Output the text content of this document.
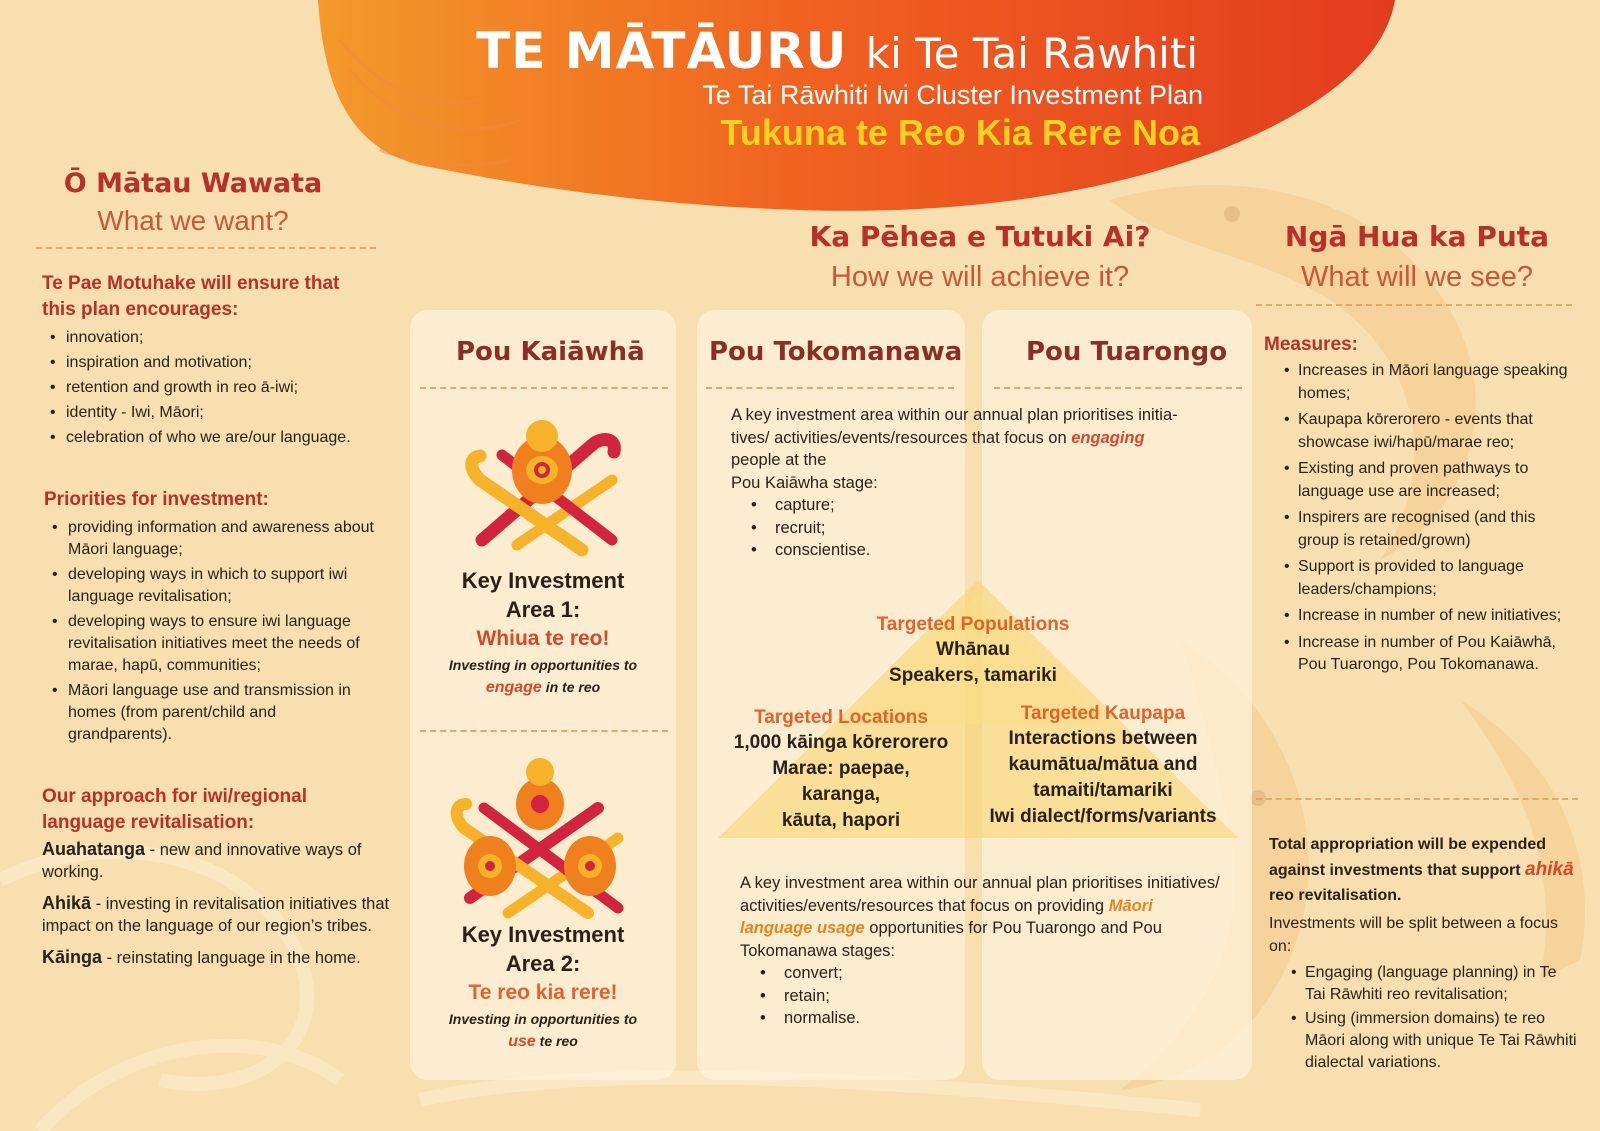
TE MĀTĀURU ki Te Tai Rāwhiti
Te Tai Rāwhiti Iwi Cluster Investment Plan
Tukuna te Reo Kia Rere Noa
Ō Mātau Wawata
What we want?
Te Pae Motuhake will ensure that this plan encourages:
• innovation;
• inspiration and motivation;
• retention and growth in reo ā-iwi;
• identity - Iwi, Māori;
• celebration of who we are/our language.
Priorities for investment:
• providing information and awareness about Māori language;
• developing ways in which to support iwi language revitalisation;
• developing ways to ensure iwi language revitalisation initiatives meet the needs of marae, hapū, communities;
• Māori language use and transmission in homes (from parent/child and grandparents).
Our approach for iwi/regional language revitalisation:

Auahatanga - new and innovative ways of working.

Ahikā - investing in revitalisation initiatives that impact on the language of our region’s tribes.

Kāinga - reinstating language in the home.

Ka Pēhea e Tutuki Ai?
How we will achieve it?
Pou Kaiāwhā Pou Tokomanawa Pou Tuarongo
Key Investment Area 1:
Whiua te reo!
Investing in opportunities to engage in te reo
Key Investment Area 2:
Te reo kia rere!
Investing in opportunities to use te reo
A key investment area within our annual plan prioritises initia-tives/ activities/events/resources that focus on engaging people at the
Pou Kaiāwha stage:
• capture;
• recruit;
• conscientise.
Targeted Populations
Whānau
Speakers, tamariki
Targeted Locations
1,000 kāinga kōrerorero
Marae: paepae,
karanga,
kāuta, hapori
Targeted Kaupapa
Interactions between
kaumātua/mātua and
tamaiti/tamariki
Iwi dialect/forms/variants
A key investment area within our annual plan prioritises initiatives/ activities/events/resources that focus on providing Māori language usage opportunities for Pou Tuarongo and Pou Tokomanawa stages:
• convert;
• retain;
• normalise.
Ngā Hua ka Puta
What will we see?
Measures:
• Increases in Māori language speaking homes;
• Kaupapa kōrerorero - events that showcase iwi/hapū/marae reo;
• Existing and proven pathways to language use are increased;
• Inspirers are recognised (and this group is retained/grown)
• Support is provided to language leaders/champions;
• Increase in number of new initiatives;
• Increase in number of Pou Kaiāwhā, Pou Tuarongo, Pou Tokomanawa.
Total appropriation will be expended against investments that support ahikā reo revitalisation.
Investments will be split between a focus on:
• Engaging (language planning) in Te Tai Rāwhiti reo revitalisation;
• Using (immersion domains) te reo Māori along with unique Te Tai Rāwhiti dialectal variations.
